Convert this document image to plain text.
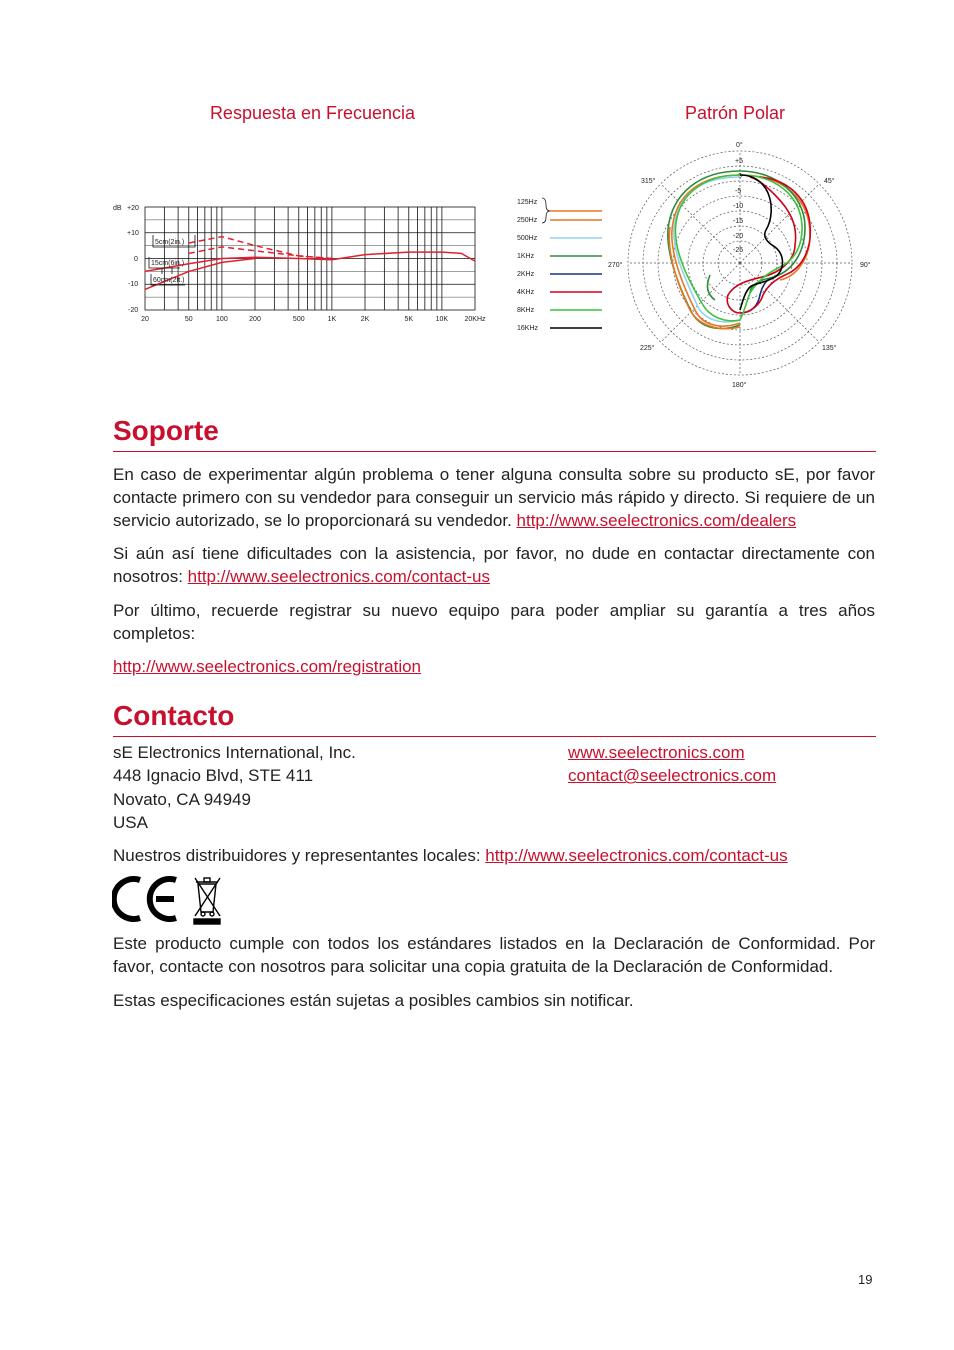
Respuesta en Frecuencia	Patrón Polar
dB +20
+10
0
-10
-20
20	50	100	200	500	1K	2K	5K	10K 20KHz
5cm(2in.)
15cm(6in.)
60cm(2ft.)
125Hz
250Hz
500Hz
1KHz
2KHz
4KHz
8KHz
16KHz
0°
45°
90°
135°
180°
225°
270°
315°
+5
0
-5
-10
-15
-20
-25
Soporte

En caso de experimentar algún problema o tener alguna consulta sobre su producto sE, por favor contacte primero con su vendedor para conseguir un servicio más rápido y directo. Si requiere de un servicio autorizado, se lo proporcionará su vendedor. http://www.seelectronics.com/dealers

Si aún así tiene dificultades con la asistencia, por favor, no dude en contactar directamente con nosotros: http://www.seelectronics.com/contact-us

Por último, recuerde registrar su nuevo equipo para poder ampliar su garantía a tres años completos:

http://www.seelectronics.com/registration

Contacto
sE Electronics International, Inc.
448 Ignacio Blvd, STE 411
Novato, CA 94949
USA
www.seelectronics.com
contact@seelectronics.com

Nuestros distribuidores y representantes locales: http://www.seelectronics.com/contact-us

Este producto cumple con todos los estándares listados en la Declaración de Conformidad. Por favor, contacte con nosotros para solicitar una copia gratuita de la Declaración de Conformidad.

Estas especificaciones están sujetas a posibles cambios sin notificar.

19
